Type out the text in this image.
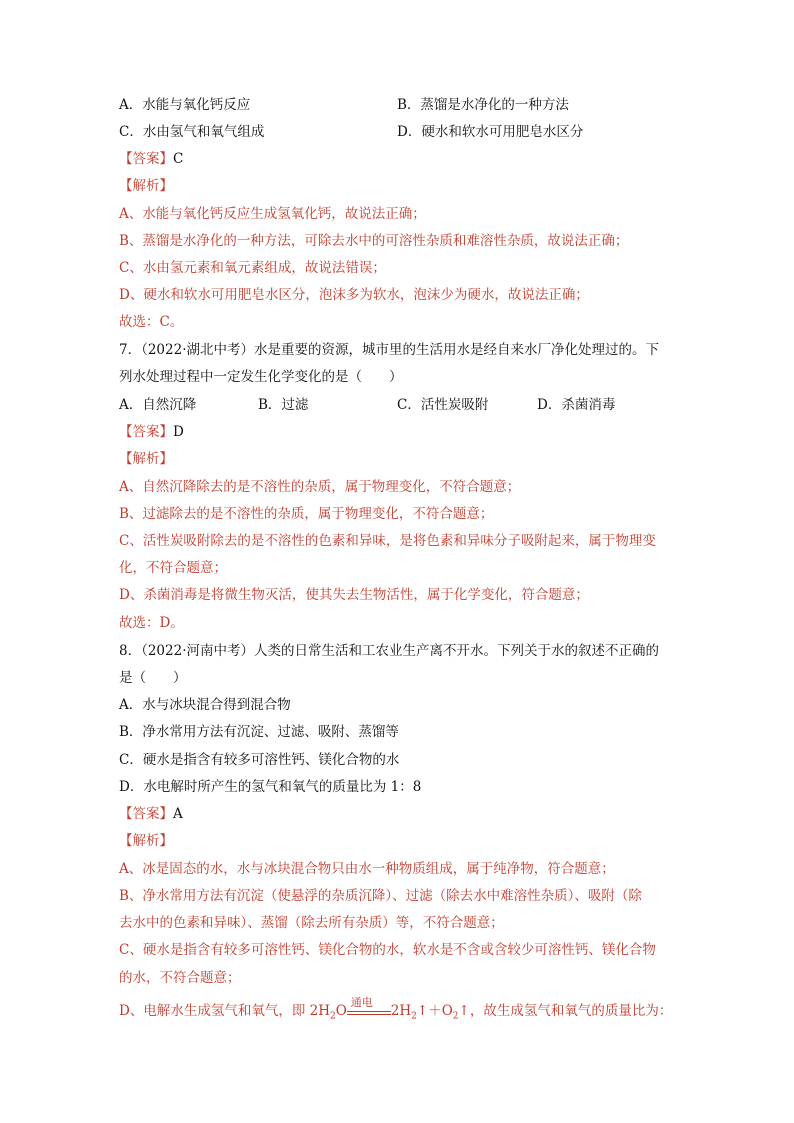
A．水能与氧化钙反应	B．蒸馏是水净化的一种方法
C．水由氢气和氧气组成	D．硬水和软水可用肥皂水区分
【答案】C
【解析】
A、水能与氧化钙反应生成氢氧化钙，故说法正确；
B、蒸馏是水净化的一种方法，可除去水中的可溶性杂质和难溶性杂质，故说法正确；
C、水由氢元素和氧元素组成，故说法错误；
D、硬水和软水可用肥皂水区分，泡沫多为软水，泡沫少为硬水，故说法正确；
故选：C。
7．（2022·湖北中考）水是重要的资源，城市里的生活用水是经自来水厂净化处理过的。下
列水处理过程中一定发生化学变化的是（　　）
A．自然沉降	B．过滤	C．活性炭吸附	D．杀菌消毒
【答案】D
【解析】
A、自然沉降除去的是不溶性的杂质，属于物理变化，不符合题意；
B、过滤除去的是不溶性的杂质，属于物理变化，不符合题意；
C、活性炭吸附除去的是不溶性的色素和异味，是将色素和异味分子吸附起来，属于物理变
化，不符合题意；
D、杀菌消毒是将微生物灭活，使其失去生物活性，属于化学变化，符合题意；
故选：D。
8．（2022·河南中考）人类的日常生活和工农业生产离不开水。下列关于水的叙述不正确的
是（　　）
A．水与冰块混合得到混合物
B．净水常用方法有沉淀、过滤、吸附、蒸馏等
C．硬水是指含有较多可溶性钙、镁化合物的水
D．水电解时所产生的氢气和氧气的质量比为 1：8
【答案】A
【解析】
A、冰是固态的水，水与冰块混合物只由水一种物质组成，属于纯净物，符合题意；
B、净水常用方法有沉淀（使悬浮的杂质沉降）、过滤（除去水中难溶性杂质）、吸附（除
去水中的色素和异味）、蒸馏（除去所有杂质）等，不符合题意；
C、硬水是指含有较多可溶性钙、镁化合物的水，软水是不含或含较少可溶性钙、镁化合物
的水，不符合题意；
D、电解水生成氢气和氧气，即 $2H_2O$
通电
$2H_2↑+O_2↑$，故生成氢气和氧气的质量比为：
